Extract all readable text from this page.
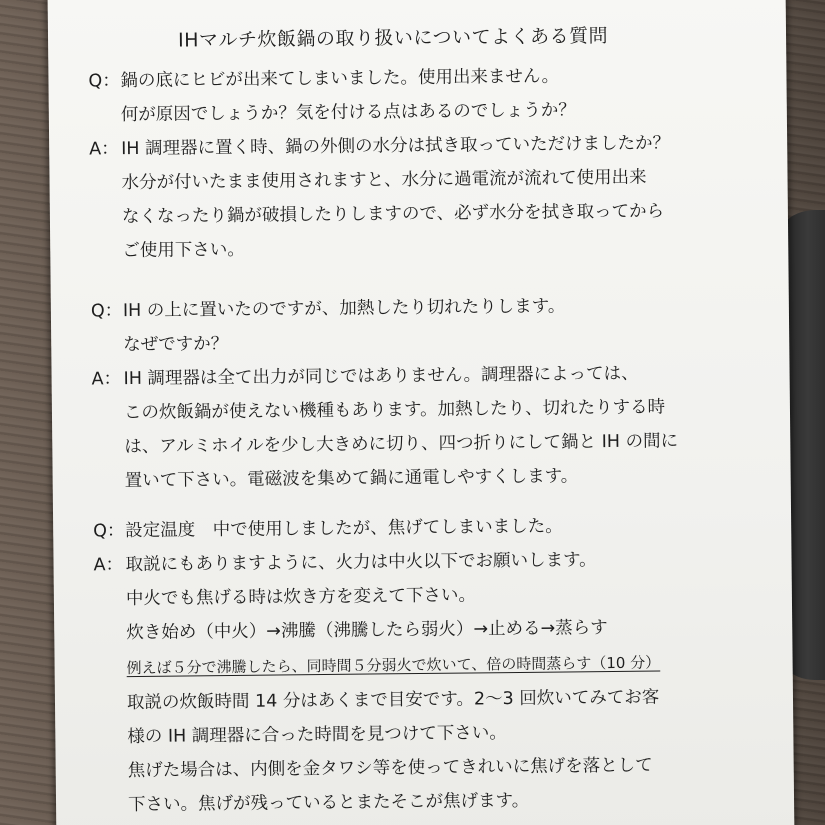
IHマルチ炊飯鍋の取り扱いについてよくある質問
Q： 鍋の底にヒビが出来てしまいました。使用出来ません。
何が原因でしょうか？気を付ける点はあるのでしょうか？
A： IH 調理器に置く時、鍋の外側の水分は拭き取っていただけましたか？
水分が付いたまま使用されますと、水分に過電流が流れて使用出来
なくなったり鍋が破損したりしますので、必ず水分を拭き取ってから
ご使用下さい。
Q： IH の上に置いたのですが、加熱したり切れたりします。
なぜですか？
A： IH 調理器は全て出力が同じではありません。調理器によっては、
この炊飯鍋が使えない機種もあります。加熱したり、切れたりする時
は、アルミホイルを少し大きめに切り、四つ折りにして鍋と IH の間に
置いて下さい。電磁波を集めて鍋に通電しやすくします。
Q： 設定温度　中で使用しましたが、焦げてしまいました。
A： 取説にもありますように、火力は中火以下でお願いします。
中火でも焦げる時は炊き方を変えて下さい。
炊き始め（中火）→沸騰（沸騰したら弱火）→止める→蒸らす
例えば５分で沸騰したら、同時間５分弱火で炊いて、倍の時間蒸らす（10 分）
取説の炊飯時間 14 分はあくまで目安です。2～3 回炊いてみてお客
様の IH 調理器に合った時間を見つけて下さい。
焦げた場合は、内側を金タワシ等を使ってきれいに焦げを落として
下さい。焦げが残っているとまたそこが焦げます。
